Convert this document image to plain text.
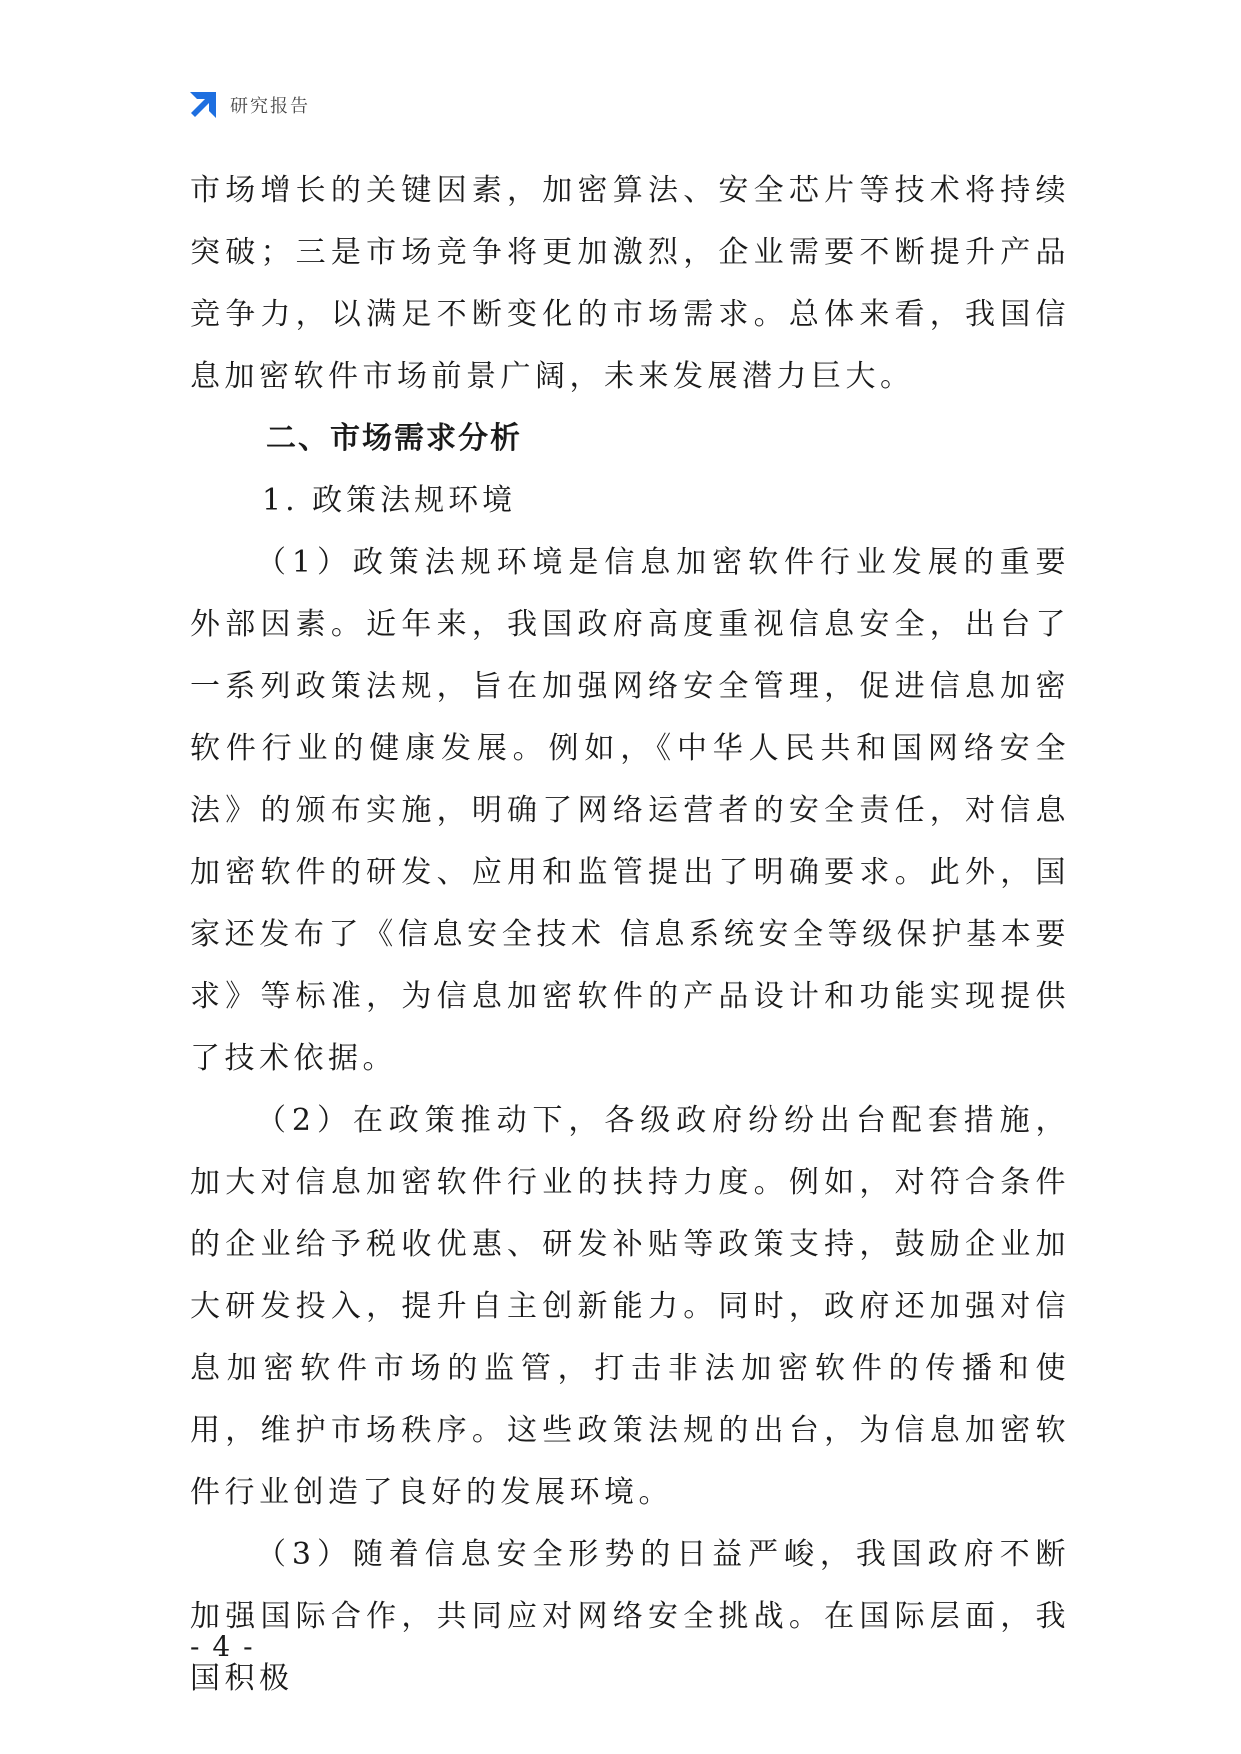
研究报告

市场增长的关键因素，加密算法、安全芯片等技术将持续突破；三是市场竞争将更加激烈，企业需要不断提升产品竞争力，以满足不断变化的市场需求。总体来看，我国信息加密软件市场前景广阔，未来发展潜力巨大。

二、市场需求分析

1. 政策法规环境

（1）政策法规环境是信息加密软件行业发展的重要外部因素。近年来，我国政府高度重视信息安全，出台了一系列政策法规，旨在加强网络安全管理，促进信息加密软件行业的健康发展。例如，《中华人民共和国网络安全法》的颁布实施，明确了网络运营者的安全责任，对信息加密软件的研发、应用和监管提出了明确要求。此外，国家还发布了《信息安全技术 信息系统安全等级保护基本要求》等标准，为信息加密软件的产品设计和功能实现提供了技术依据。

（2）在政策推动下，各级政府纷纷出台配套措施，加大对信息加密软件行业的扶持力度。例如，对符合条件的企业给予税收优惠、研发补贴等政策支持，鼓励企业加大研发投入，提升自主创新能力。同时，政府还加强对信息加密软件市场的监管，打击非法加密软件的传播和使用，维护市场秩序。这些政策法规的出台，为信息加密软件行业创造了良好的发展环境。

（3）随着信息安全形势的日益严峻，我国政府不断加强国际合作，共同应对网络安全挑战。在国际层面，我国积极

- 4 -
